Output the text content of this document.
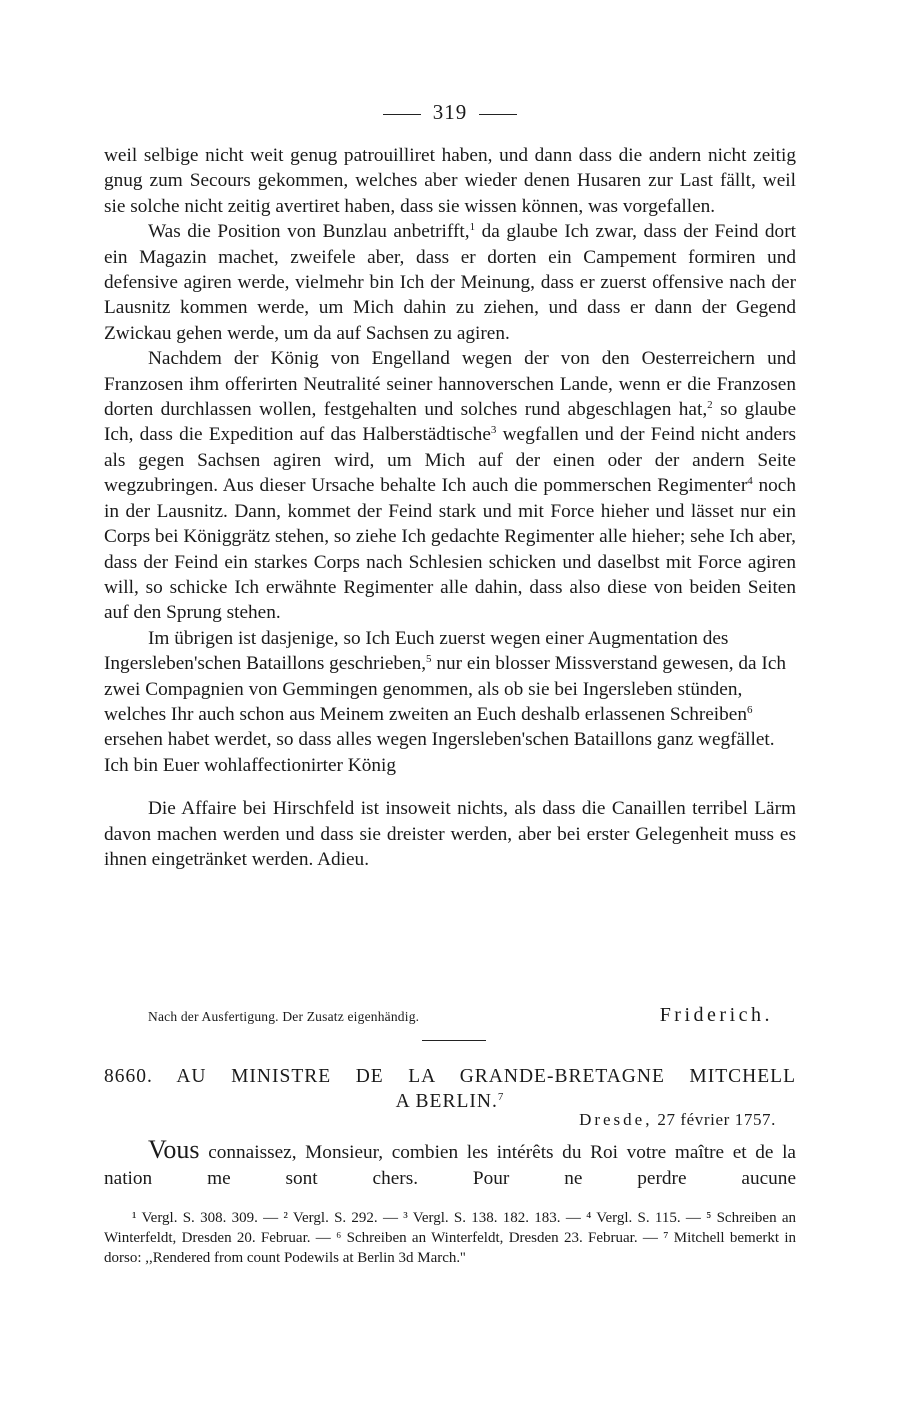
319

weil selbige nicht weit genug patrouilliret haben, und dann dass die andern nicht zeitig gnug zum Secours gekommen, welches aber wieder denen Husaren zur Last fällt, weil sie solche nicht zeitig avertiret haben, dass sie wissen können, was vorgefallen.

Was die Position von Bunzlau anbetrifft,$^1$ da glaube Ich zwar, dass der Feind dort ein Magazin machet, zweifele aber, dass er dorten ein Campement formiren und defensive agiren werde, vielmehr bin Ich der Meinung, dass er zuerst offensive nach der Lausnitz kommen werde, um Mich dahin zu ziehen, und dass er dann der Gegend Zwickau gehen werde, um da auf Sachsen zu agiren.

Nachdem der König von Engelland wegen der von den Oesterreichern und Franzosen ihm offerirten Neutralité seiner hannoverschen Lande, wenn er die Franzosen dorten durchlassen wollen, festgehalten und solches rund abgeschlagen hat,$^2$ so glaube Ich, dass die Expedition auf das Halberstädtische$^3$ wegfallen und der Feind nicht anders als gegen Sachsen agiren wird, um Mich auf der einen oder der andern Seite wegzubringen. Aus dieser Ursache behalte Ich auch die pommerschen Regimenter$^4$ noch in der Lausnitz. Dann, kommet der Feind stark und mit Force hieher und lässet nur ein Corps bei Königgrätz stehen, so ziehe Ich gedachte Regimenter alle hieher; sehe Ich aber, dass der Feind ein starkes Corps nach Schlesien schicken und daselbst mit Force agiren will, so schicke Ich erwähnte Regimenter alle dahin, dass also diese von beiden Seiten auf den Sprung stehen.

Im übrigen ist dasjenige, so Ich Euch zuerst wegen einer Augmentation des Ingersleben'schen Bataillons geschrieben,$^5$ nur ein blosser Missverstand gewesen, da Ich zwei Compagnien von Gemmingen genommen, als ob sie bei Ingersleben stünden, welches Ihr auch schon aus Meinem zweiten an Euch deshalb erlassenen Schreiben$^6$ ersehen habet werdet, so dass alles wegen Ingersleben'schen Bataillons ganz wegfället. Ich bin Euer wohlaffectionirter König

Die Affaire bei Hirschfeld ist insoweit nichts, als dass die Canaillen terribel Lärm davon machen werden und dass sie dreister werden, aber bei erster Gelegenheit muss es ihnen eingetränket werden. Adieu.

Nach der Ausfertigung. Der Zusatz eigenhändig.	Friderich.
8660. AU MINISTRE DE LA GRANDE-BRETAGNE MITCHELL
A BERLIN.$^7$
Dresde, 27 février 1757.

Vous connaissez, Monsieur, combien les intérêts du Roi votre maître et de la nation me sont chers. Pour ne perdre aucune

¹ Vergl. S. 308. 309. — ² Vergl. S. 292. — ³ Vergl. S. 138. 182. 183. — ⁴ Vergl. S. 115. — ⁵ Schreiben an Winterfeldt, Dresden 20. Februar. — ⁶ Schreiben an Winterfeldt, Dresden 23. Februar. — ⁷ Mitchell bemerkt in dorso: ,,Rendered from count Podewils at Berlin 3d March.''
